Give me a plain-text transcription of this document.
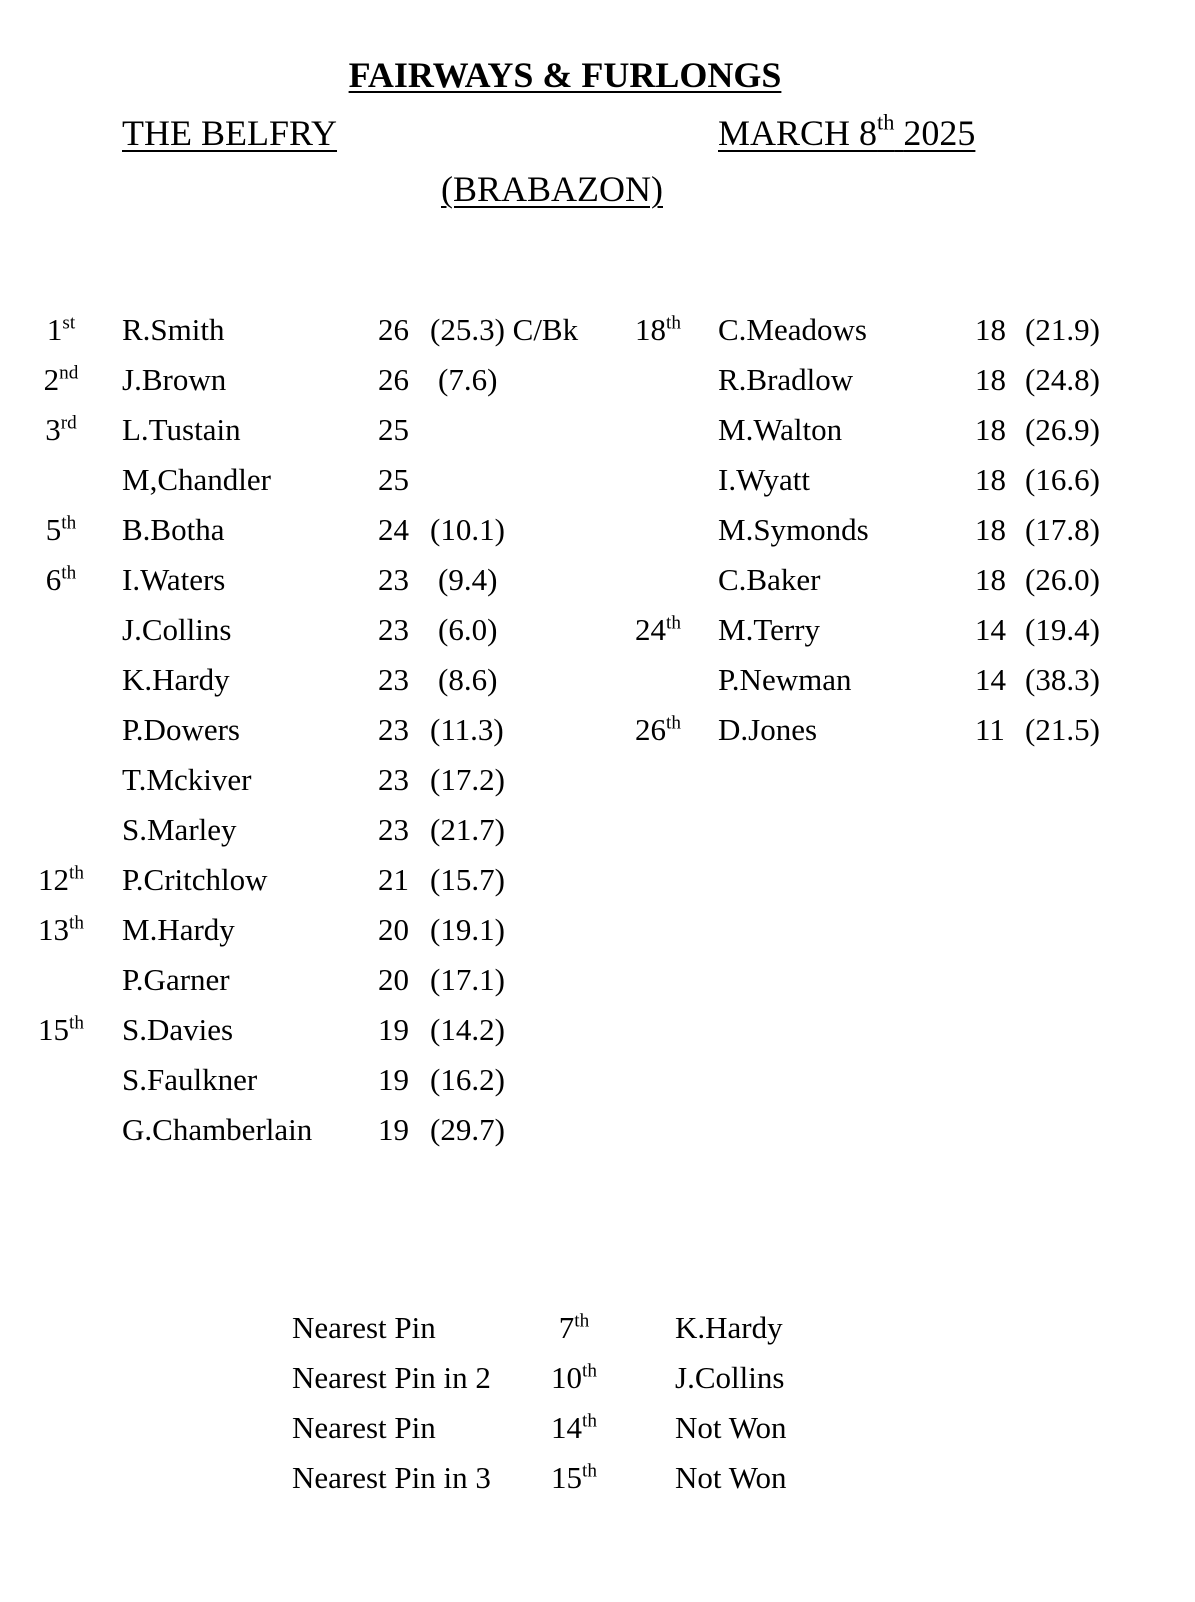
FAIRWAYS & FURLONGS
THE BELFRY	MARCH 8th 2025
(BRABAZON)
1st	R.Smith	26 (25.3) C/Bk
2nd	J.Brown	26 (7.6)
3rd	L.Tustain	25
M,Chandler	25
5th	B.Botha	24 (10.1)
6th	I.Waters	23 (9.4)
J.Collins	23 (6.0)
K.Hardy	23 (8.6)
P.Dowers	23 (11.3)
T.Mckiver	23 (17.2)
S.Marley	23 (21.7)
12th P.Critchlow	21 (15.7)
13th M.Hardy	20 (19.1)
P.Garner	20 (17.1)
15th S.Davies	19 (14.2)
S.Faulkner	19 (16.2)
G.Chamberlain 19 (29.7)
18th C.Meadows	18 (21.9)
R.Bradlow	18 (24.8)
M.Walton	18 (26.9)
I.Wyatt	18 (16.6)
M.Symonds	18 (17.8)
C.Baker	18 (26.0)
24th M.Terry	14 (19.4)
P.Newman	14 (38.3)
26th D.Jones	11 (21.5)
Nearest Pin	7th	K.Hardy
Nearest Pin in 2	10th	J.Collins
Nearest Pin	14th	Not Won
Nearest Pin in 3	15th	Not Won
